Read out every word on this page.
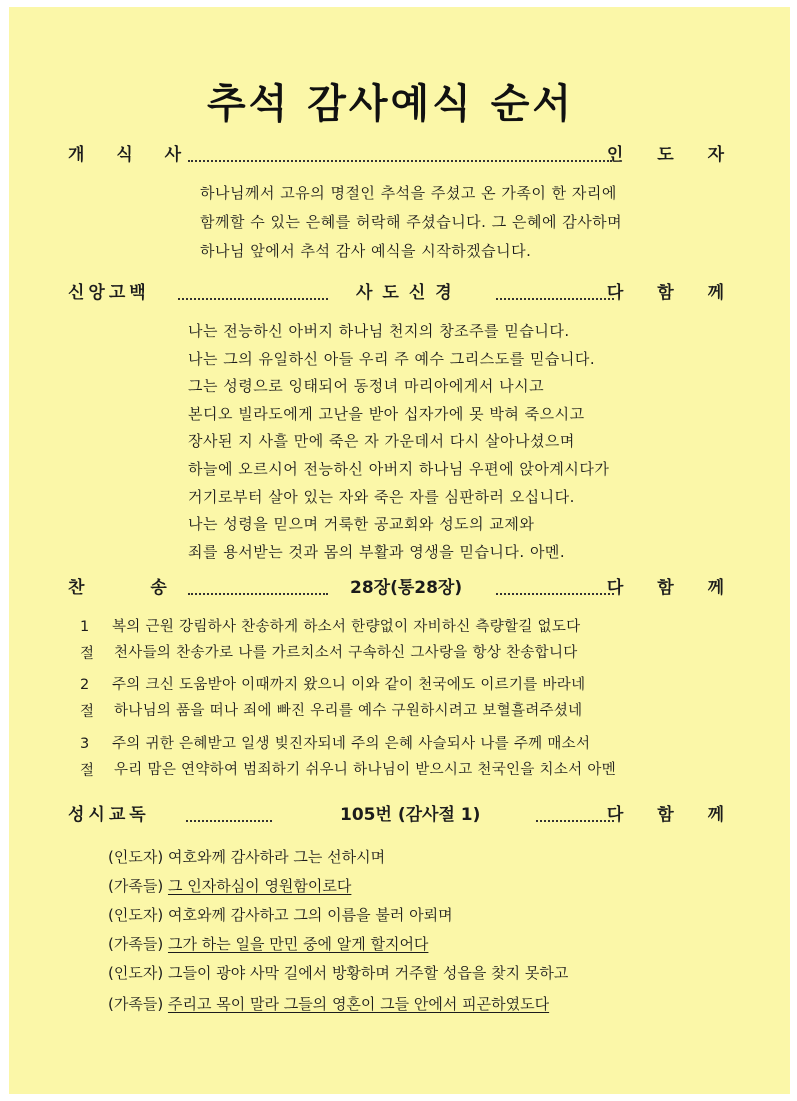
추석 감사예식 순서
개 식 사	인 도 자
하나님께서 고유의 명절인 추석을 주셨고 온 가족이 한 자리에
함께할 수 있는 은혜를 허락해 주셨습니다. 그 은혜에 감사하며
하나님 앞에서 추석 감사 예식을 시작하겠습니다.
신앙고백	사도신경	다 함 께
나는 전능하신 아버지 하나님 천지의 창조주를 믿습니다.
나는 그의 유일하신 아들 우리 주 예수 그리스도를 믿습니다.
그는 성령으로 잉태되어 동정녀 마리아에게서 나시고
본디오 빌라도에게 고난을 받아 십자가에 못 박혀 죽으시고
장사된 지 사흘 만에 죽은 자 가운데서 다시 살아나셨으며
하늘에 오르시어 전능하신 아버지 하나님 우편에 앉아계시다가
거기로부터 살아 있는 자와 죽은 자를 심판하러 오십니다.
나는 성령을 믿으며 거룩한 공교회와 성도의 교제와
죄를 용서받는 것과 몸의 부활과 영생을 믿습니다. 아멘.
찬 송	28장(통28장)	다 함 께
1절
복의 근원 강림하사 찬송하게 하소서 한량없이 자비하신 측량할길 없도다
천사들의 찬송가로 나를 가르치소서 구속하신 그사랑을 항상 찬송합니다
2절
주의 크신 도움받아 이때까지 왔으니 이와 같이 천국에도 이르기를 바라네
하나님의 품을 떠나 죄에 빠진 우리를 예수 구원하시려고 보혈흘려주셨네
3절
주의 귀한 은혜받고 일생 빚진자되네 주의 은혜 사슬되사 나를 주께 매소서
우리 맘은 연약하여 범죄하기 쉬우니 하나님이 받으시고 천국인을 치소서 아멘
성시교독	105번 (감사절 1)	다 함 께
(인도자) 여호와께 감사하라 그는 선하시며
(가족들) 그 인자하심이 영원함이로다
(인도자) 여호와께 감사하고 그의 이름을 불러 아뢰며
(가족들) 그가 하는 일을 만민 중에 알게 할지어다
(인도자) 그들이 광야 사막 길에서 방황하며 거주할 성읍을 찾지 못하고
(가족들) 주리고 목이 말라 그들의 영혼이 그들 안에서 피곤하였도다
